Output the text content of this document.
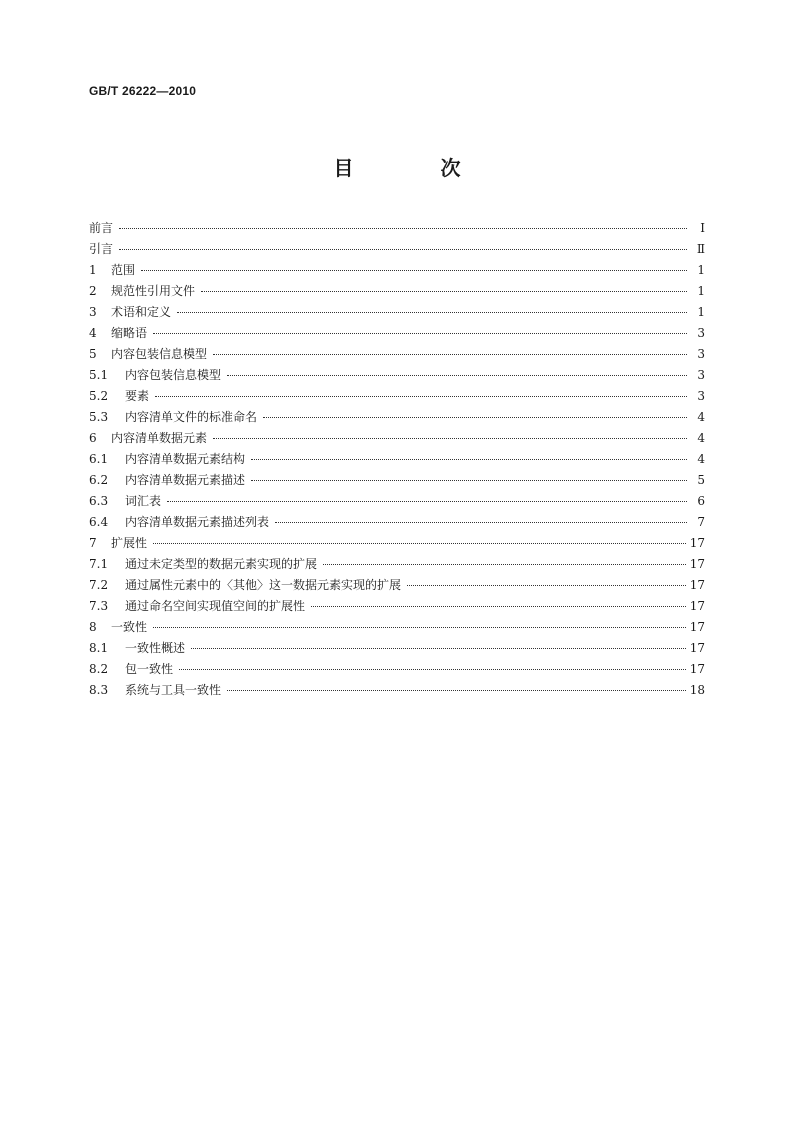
GB/T 26222—2010
目 次
前言	Ⅰ
引言	Ⅱ
1	范围	1
2	规范性引用文件	1
3	术语和定义	1
4	缩略语	3
5	内容包装信息模型	3
5.1	内容包装信息模型	3
5.2	要素	3
5.3	内容清单文件的标准命名	4
6	内容清单数据元素	4
6.1	内容清单数据元素结构	4
6.2	内容清单数据元素描述	5
6.3	词汇表	6
6.4	内容清单数据元素描述列表	7
7	扩展性	17
7.1	通过未定类型的数据元素实现的扩展	17
7.2	通过属性元素中的〈其他〉这一数据元素实现的扩展	17
7.3	通过命名空间实现值空间的扩展性	17
8	一致性	17
8.1	一致性概述	17
8.2	包一致性	17
8.3	系统与工具一致性	18
